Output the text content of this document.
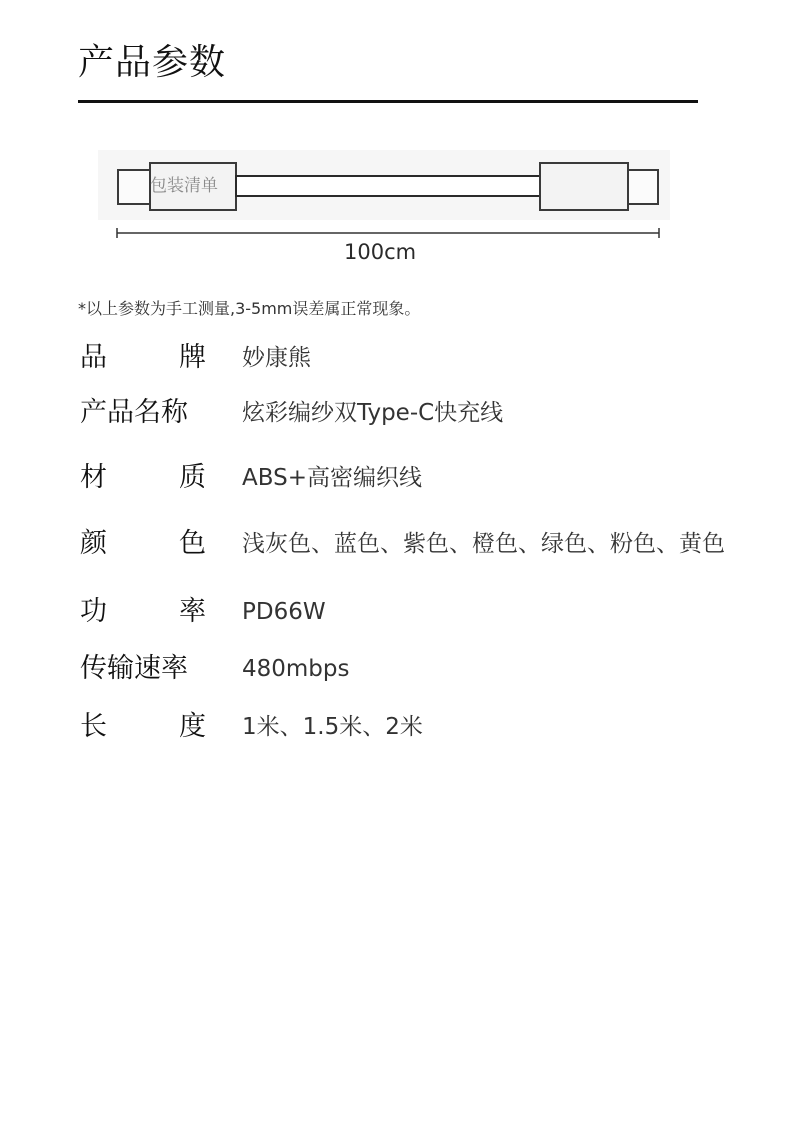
产品参数
包装清单
100cm
*以上参数为手工测量,3-5mm误差属正常现象。
品牌 妙康熊
产品名称	炫彩编纱双Type-C快充线
材质 ABS+高密编织线
颜色 浅灰色、蓝色、紫色、橙色、绿色、粉色、黄色
功率 PD66W
传输速率	480mbps
长度 1米、1.5米、2米
